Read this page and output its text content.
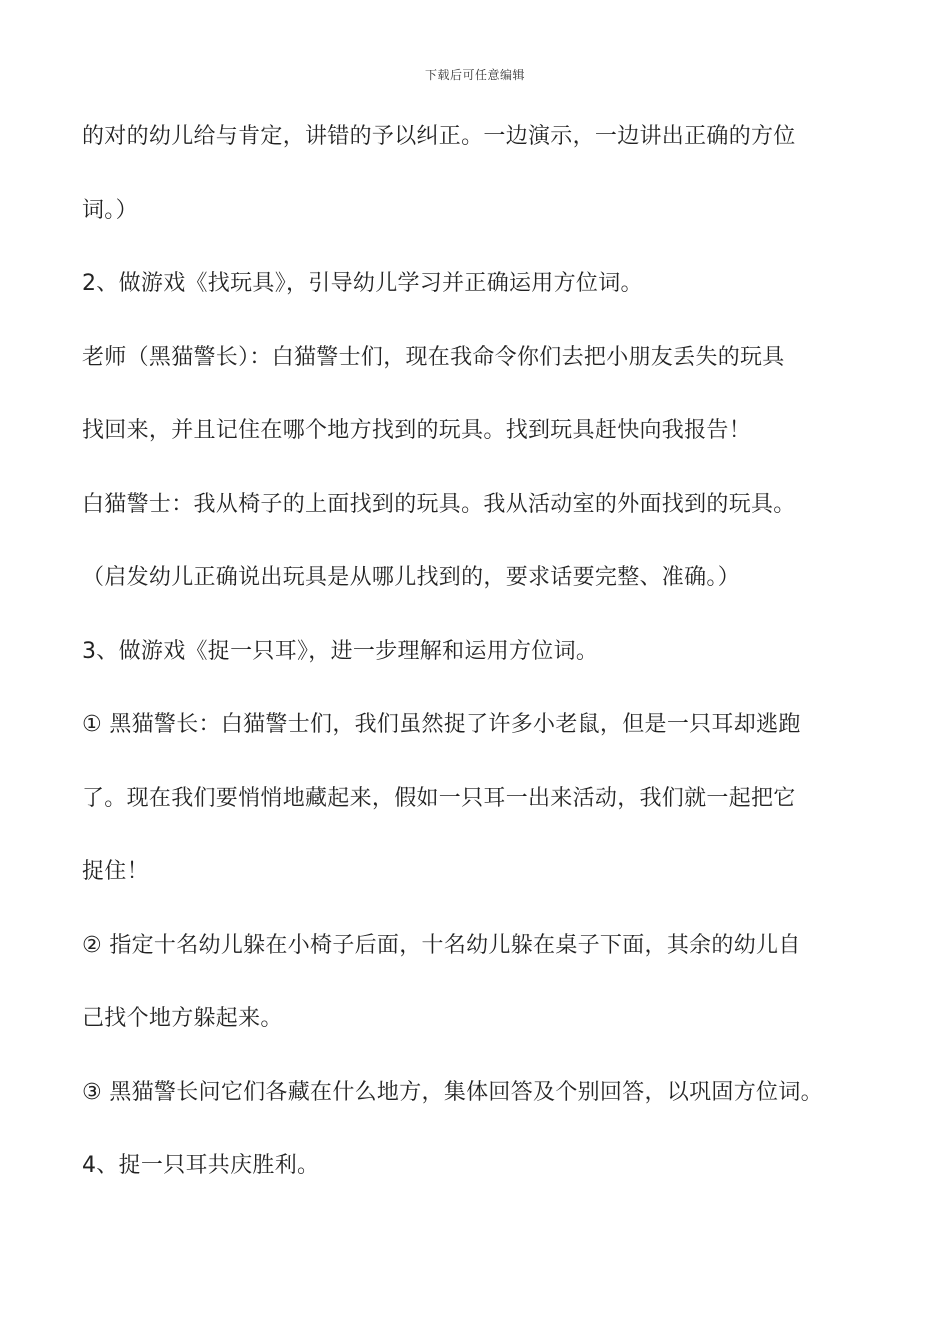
下载后可任意编辑
的对的幼儿给与肯定，讲错的予以纠正。一边演示，一边讲出正确的方位
词。）
2、做游戏《找玩具》，引导幼儿学习并正确运用方位词。
老师（黑猫警长）：白猫警士们，现在我命令你们去把小朋友丢失的玩具
找回来，并且记住在哪个地方找到的玩具。找到玩具赶快向我报告！
白猫警士：我从椅子的上面找到的玩具。我从活动室的外面找到的玩具。
（启发幼儿正确说出玩具是从哪儿找到的，要求话要完整、准确。）
3、做游戏《捉一只耳》，进一步理解和运用方位词。
① 黑猫警长：白猫警士们，我们虽然捉了许多小老鼠，但是一只耳却逃跑
了。现在我们要悄悄地藏起来，假如一只耳一出来活动，我们就一起把它
捉住！
② 指定十名幼儿躲在小椅子后面，十名幼儿躲在桌子下面，其余的幼儿自
己找个地方躲起来。
③ 黑猫警长问它们各藏在什么地方，集体回答及个别回答，以巩固方位词。
4、捉一只耳共庆胜利。
